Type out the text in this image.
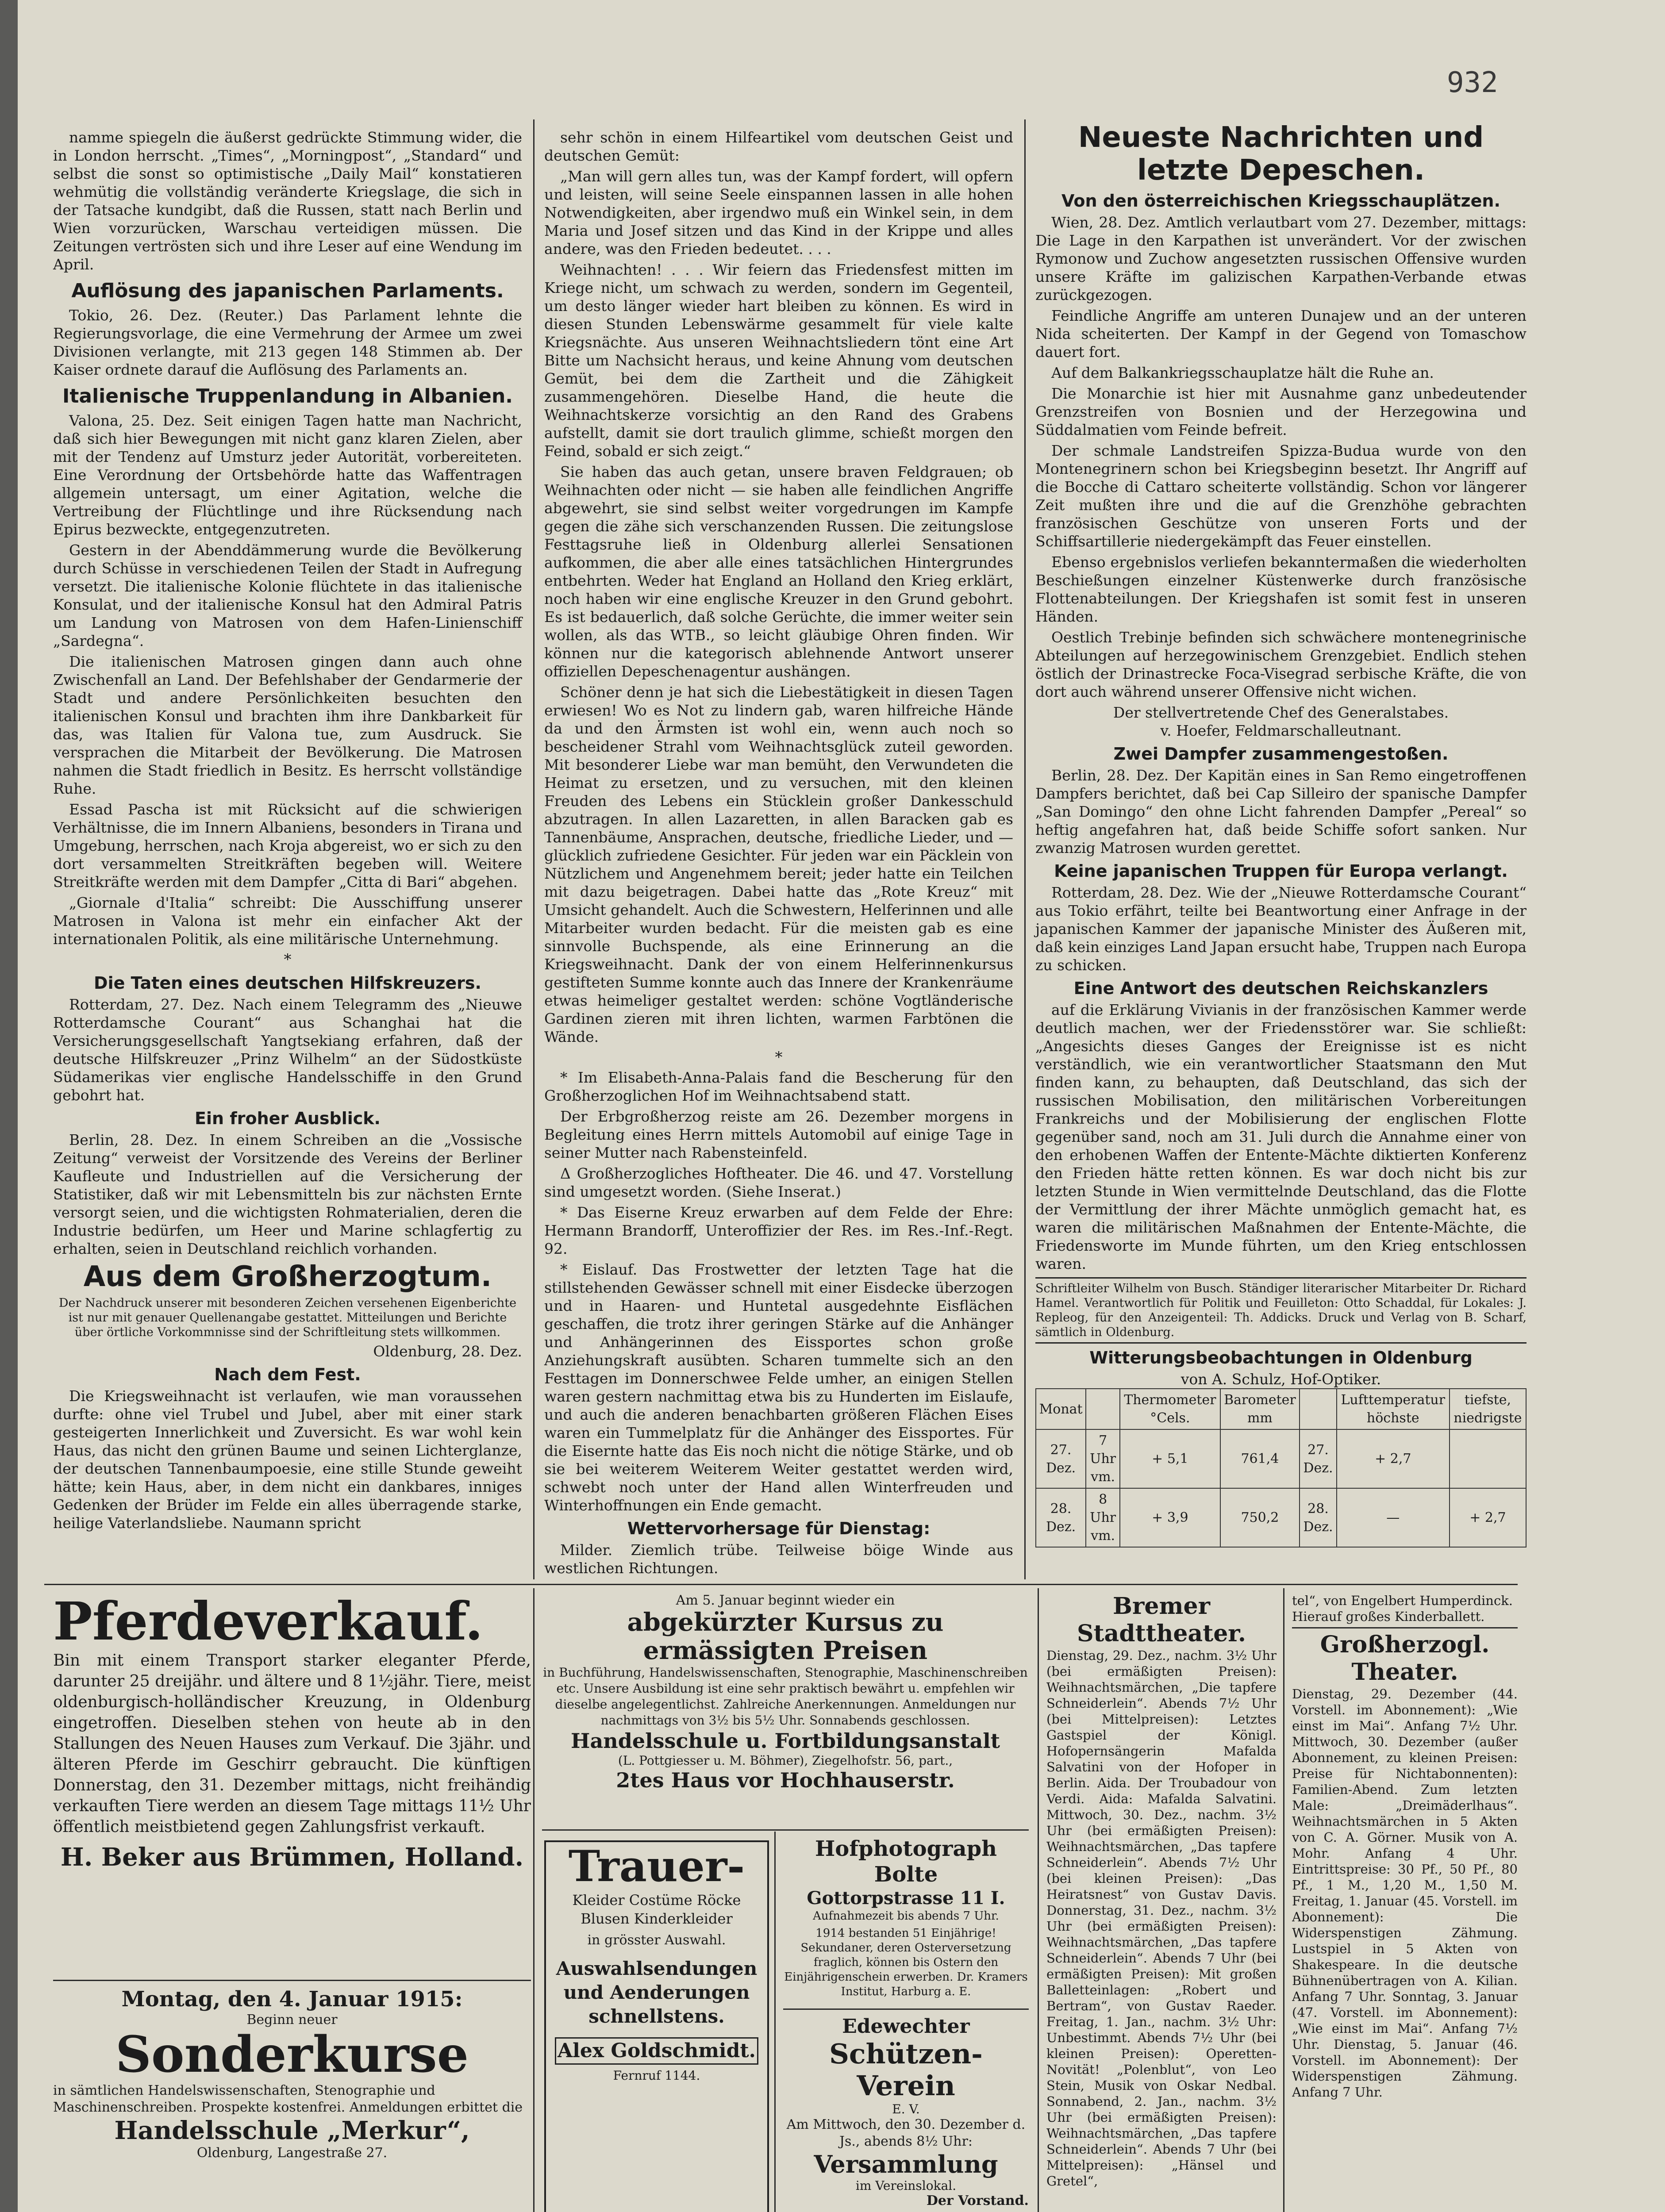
932

namme spiegeln die äußerst gedrückte Stimmung wider, die in London herrscht. „Times“, „Morningpost“, „Standard“ und selbst die sonst so optimistische „Daily Mail“ konstatieren wehmütig die vollständig veränderte Kriegslage, die sich in der Tatsache kundgibt, daß die Russen, statt nach Berlin und Wien vorzurücken, Warschau verteidigen müssen. Die Zeitungen vertrösten sich und ihre Leser auf eine Wendung im April.

Auflösung des japanischen Parlaments.

Tokio, 26. Dez. (Reuter.) Das Parlament lehnte die Regierungsvorlage, die eine Vermehrung der Armee um zwei Divisionen verlangte, mit 213 gegen 148 Stimmen ab. Der Kaiser ordnete darauf die Auflösung des Parlaments an.

Italienische Truppenlandung in Albanien.

Valona, 25. Dez. Seit einigen Tagen hatte man Nachricht, daß sich hier Bewegungen mit nicht ganz klaren Zielen, aber mit der Tendenz auf Umsturz jeder Autorität, vorbereiteten. Eine Verordnung der Ortsbehörde hatte das Waffentragen allgemein untersagt, um einer Agitation, welche die Vertreibung der Flüchtlinge und ihre Rücksendung nach Epirus bezweckte, entgegenzutreten.

Gestern in der Abenddämmerung wurde die Bevölkerung durch Schüsse in verschiedenen Teilen der Stadt in Aufregung versetzt. Die italienische Kolonie flüchtete in das italienische Konsulat, und der italienische Konsul hat den Admiral Patris um Landung von Matrosen von dem Hafen-Linienschiff „Sardegna“.

Die italienischen Matrosen gingen dann auch ohne Zwischenfall an Land. Der Befehlshaber der Gendarmerie der Stadt und andere Persönlichkeiten besuchten den italienischen Konsul und brachten ihm ihre Dankbarkeit für das, was Italien für Valona tue, zum Ausdruck. Sie versprachen die Mitarbeit der Bevölkerung. Die Matrosen nahmen die Stadt friedlich in Besitz. Es herrscht vollständige Ruhe.

Essad Pascha ist mit Rücksicht auf die schwierigen Verhältnisse, die im Innern Albaniens, besonders in Tirana und Umgebung, herrschen, nach Kroja abgereist, wo er sich zu den dort versammelten Streitkräften begeben will. Weitere Streitkräfte werden mit dem Dampfer „Citta di Bari“ abgehen.

„Giornale d'Italia“ schreibt: Die Ausschiffung unserer Matrosen in Valona ist mehr ein einfacher Akt der internationalen Politik, als eine militärische Unternehmung.

*
Die Taten eines deutschen Hilfskreuzers.

Rotterdam, 27. Dez. Nach einem Telegramm des „Nieuwe Rotterdamsche Courant“ aus Schanghai hat die Versicherungsgesellschaft Yangtsekiang erfahren, daß der deutsche Hilfskreuzer „Prinz Wilhelm“ an der Südostküste Südamerikas vier englische Handelsschiffe in den Grund gebohrt hat.

Ein froher Ausblick.

Berlin, 28. Dez. In einem Schreiben an die „Vossische Zeitung“ verweist der Vorsitzende des Vereins der Berliner Kaufleute und Industriellen auf die Versicherung der Statistiker, daß wir mit Lebensmitteln bis zur nächsten Ernte versorgt seien, und die wichtigsten Rohmaterialien, deren die Industrie bedürfen, um Heer und Marine schlagfertig zu erhalten, seien in Deutschland reichlich vorhanden.

Aus dem Großherzogtum.
Der Nachdruck unserer mit besonderen Zeichen versehenen Eigenberichte ist nur mit genauer Quellenangabe gestattet. Mitteilungen und Berichte über örtliche Vorkommnisse sind der Schriftleitung stets willkommen.
Oldenburg, 28. Dez.
Nach dem Fest.

Die Kriegsweihnacht ist verlaufen, wie man voraussehen durfte: ohne viel Trubel und Jubel, aber mit einer stark gesteigerten Innerlichkeit und Zuversicht. Es war wohl kein Haus, das nicht den grünen Baume und seinen Lichterglanze, der deutschen Tannenbaumpoesie, eine stille Stunde geweiht hätte; kein Haus, aber, in dem nicht ein dankbares, inniges Gedenken der Brüder im Felde ein alles überragende starke, heilige Vaterlandsliebe. Naumann spricht

sehr schön in einem Hilfeartikel vom deutschen Geist und deutschen Gemüt:

„Man will gern alles tun, was der Kampf fordert, will opfern und leisten, will seine Seele einspannen lassen in alle hohen Notwendigkeiten, aber irgendwo muß ein Winkel sein, in dem Maria und Josef sitzen und das Kind in der Krippe und alles andere, was den Frieden bedeutet. . . .

Weihnachten! . . . Wir feiern das Friedensfest mitten im Kriege nicht, um schwach zu werden, sondern im Gegenteil, um desto länger wieder hart bleiben zu können. Es wird in diesen Stunden Lebenswärme gesammelt für viele kalte Kriegsnächte. Aus unseren Weihnachtsliedern tönt eine Art Bitte um Nachsicht heraus, und keine Ahnung vom deutschen Gemüt, bei dem die Zartheit und die Zähigkeit zusammengehören. Dieselbe Hand, die heute die Weihnachtskerze vorsichtig an den Rand des Grabens aufstellt, damit sie dort traulich glimme, schießt morgen den Feind, sobald er sich zeigt.“

Sie haben das auch getan, unsere braven Feldgrauen; ob Weihnachten oder nicht — sie haben alle feindlichen Angriffe abgewehrt, sie sind selbst weiter vorgedrungen im Kampfe gegen die zähe sich verschanzenden Russen. Die zeitungslose Festtagsruhe ließ in Oldenburg allerlei Sensationen aufkommen, die aber alle eines tatsächlichen Hintergrundes entbehrten. Weder hat England an Holland den Krieg erklärt, noch haben wir eine englische Kreuzer in den Grund gebohrt. Es ist bedauerlich, daß solche Gerüchte, die immer weiter sein wollen, als das WTB., so leicht gläubige Ohren finden. Wir können nur die kategorisch ablehnende Antwort unserer offiziellen Depeschenagentur aushängen.

Schöner denn je hat sich die Liebestätigkeit in diesen Tagen erwiesen! Wo es Not zu lindern gab, waren hilfreiche Hände da und den Ärmsten ist wohl ein, wenn auch noch so bescheidener Strahl vom Weihnachtsglück zuteil geworden. Mit besonderer Liebe war man bemüht, den Verwundeten die Heimat zu ersetzen, und zu versuchen, mit den kleinen Freuden des Lebens ein Stücklein großer Dankesschuld abzutragen. In allen Lazaretten, in allen Baracken gab es Tannenbäume, Ansprachen, deutsche, friedliche Lieder, und — glücklich zufriedene Gesichter. Für jeden war ein Päcklein von Nützlichem und Angenehmem bereit; jeder hatte ein Teilchen mit dazu beigetragen. Dabei hatte das „Rote Kreuz“ mit Umsicht gehandelt. Auch die Schwestern, Helferinnen und alle Mitarbeiter wurden bedacht. Für die meisten gab es eine sinnvolle Buchspende, als eine Erinnerung an die Kriegsweihnacht. Dank der von einem Helferinnenkursus gestifteten Summe konnte auch das Innere der Krankenräume etwas heimeliger gestaltet werden: schöne Vogtländerische Gardinen zieren mit ihren lichten, warmen Farbtönen die Wände.

*

* Im Elisabeth-Anna-Palais fand die Bescherung für den Großherzoglichen Hof im Weihnachtsabend statt.

Der Erbgroßherzog reiste am 26. Dezember morgens in Begleitung eines Herrn mittels Automobil auf einige Tage in seiner Mutter nach Rabensteinfeld.

Δ Großherzogliches Hoftheater. Die 46. und 47. Vorstellung sind umgesetzt worden. (Siehe Inserat.)

* Das Eiserne Kreuz erwarben auf dem Felde der Ehre: Hermann Brandorff, Unteroffizier der Res. im Res.-Inf.-Regt. 92.

* Eislauf. Das Frostwetter der letzten Tage hat die stillstehenden Gewässer schnell mit einer Eisdecke überzogen und in Haaren- und Huntetal ausgedehnte Eisflächen geschaffen, die trotz ihrer geringen Stärke auf die Anhänger und Anhängerinnen des Eissportes schon große Anziehungskraft ausübten. Scharen tummelte sich an den Festtagen im Donnerschwee Felde umher, an einigen Stellen waren gestern nachmittag etwa bis zu Hunderten im Eislaufe, und auch die anderen benachbarten größeren Flächen Eises waren ein Tummelplatz für die Anhänger des Eissportes. Für die Eisernte hatte das Eis noch nicht die nötige Stärke, und ob sie bei weiterem Weiterem Weiter gestattet werden wird, schwebt noch unter der Hand allen Winterfreuden und Winterhoffnungen ein Ende gemacht.

Wettervorhersage für Dienstag:

Milder. Ziemlich trübe. Teilweise böige Winde aus westlichen Richtungen.

Neueste Nachrichten und letzte Depeschen.
Von den österreichischen Kriegsschauplätzen.

Wien, 28. Dez. Amtlich verlautbart vom 27. Dezember, mittags: Die Lage in den Karpathen ist unverändert. Vor der zwischen Rymonow und Zuchow angesetzten russischen Offensive wurden unsere Kräfte im galizischen Karpathen-Verbande etwas zurückgezogen.

Feindliche Angriffe am unteren Dunajew und an der unteren Nida scheiterten. Der Kampf in der Gegend von Tomaschow dauert fort.

Auf dem Balkankriegsschauplatze hält die Ruhe an.

Die Monarchie ist hier mit Ausnahme ganz unbedeutender Grenzstreifen von Bosnien und der Herzegowina und Süddalmatien vom Feinde befreit.

Der schmale Landstreifen Spizza-Budua wurde von den Montenegrinern schon bei Kriegsbeginn besetzt. Ihr Angriff auf die Bocche di Cattaro scheiterte vollständig. Schon vor längerer Zeit mußten ihre und die auf die Grenzhöhe gebrachten französischen Geschütze von unseren Forts und der Schiffsartillerie niedergekämpft das Feuer einstellen.

Ebenso ergebnislos verliefen bekanntermaßen die wiederholten Beschießungen einzelner Küstenwerke durch französische Flottenabteilungen. Der Kriegshafen ist somit fest in unseren Händen.

Oestlich Trebinje befinden sich schwächere montenegrinische Abteilungen auf herzegowinischem Grenzgebiet. Endlich stehen östlich der Drinastrecke Foca-Visegrad serbische Kräfte, die von dort auch während unserer Offensive nicht wichen.

Der stellvertretende Chef des Generalstabes.
v. Hoefer, Feldmarschalleutnant.
Zwei Dampfer zusammengestoßen.

Berlin, 28. Dez. Der Kapitän eines in San Remo eingetroffenen Dampfers berichtet, daß bei Cap Silleiro der spanische Dampfer „San Domingo“ den ohne Licht fahrenden Dampfer „Pereal“ so heftig angefahren hat, daß beide Schiffe sofort sanken. Nur zwanzig Matrosen wurden gerettet.

Keine japanischen Truppen für Europa verlangt.

Rotterdam, 28. Dez. Wie der „Nieuwe Rotterdamsche Courant“ aus Tokio erfährt, teilte bei Beantwortung einer Anfrage in der japanischen Kammer der japanische Minister des Äußeren mit, daß kein einziges Land Japan ersucht habe, Truppen nach Europa zu schicken.

Eine Antwort des deutschen Reichskanzlers

auf die Erklärung Vivianis in der französischen Kammer werde deutlich machen, wer der Friedensstörer war. Sie schließt: „Angesichts dieses Ganges der Ereignisse ist es nicht verständlich, wie ein verantwortlicher Staatsmann den Mut finden kann, zu behaupten, daß Deutschland, das sich der russischen Mobilisation, den militärischen Vorbereitungen Frankreichs und der Mobilisierung der englischen Flotte gegenüber sand, noch am 31. Juli durch die Annahme einer von den erhobenen Waffen der Entente-Mächte diktierten Konferenz den Frieden hätte retten können. Es war doch nicht bis zur letzten Stunde in Wien vermittelnde Deutschland, das die Flotte der Vermittlung der ihrer Mächte unmöglich gemacht hat, es waren die militärischen Maßnahmen der Entente-Mächte, die Friedensworte im Munde führten, um den Krieg entschlossen waren.

Schriftleiter Wilhelm von Busch. Ständiger literarischer Mitarbeiter Dr. Richard Hamel. Verantwortlich für Politik und Feuilleton: Otto Schaddal, für Lokales: J. Repleog, für den Anzeigenteil: Th. Addicks. Druck und Verlag von B. Scharf, sämtlich in Oldenburg.
Witterungsbeobachtungen in Oldenburg
von A. Schulz, Hof-Optiker.
Monat		Thermometer °Cels.	Barometer mm		Lufttemperatur höchste	tiefste, niedrigste
27. Dez.	7 Uhr vm.	+ 5,1	761,4	27. Dez.	+ 2,7	
28. Dez.	8 Uhr vm.	+ 3,9	750,2	28. Dez.	—	+ 2,7
Pferdeverkauf.
Bin mit einem Transport starker eleganter Pferde, darunter 25 dreijähr. und ältere und 8 1½jähr. Tiere, meist oldenburgisch-holländischer Kreuzung, in Oldenburg eingetroffen. Dieselben stehen von heute ab in den Stallungen des Neuen Hauses zum Verkauf. Die 3jähr. und älteren Pferde im Geschirr gebraucht. Die künftigen Donnerstag, den 31. Dezember mittags, nicht freihändig verkauften Tiere werden an diesem Tage mittags 11½ Uhr öffentlich meistbietend gegen Zahlungsfrist verkauft.
H. Beker aus Brümmen, Holland.
Montag, den 4. Januar 1915:
Beginn neuer
Sonderkurse
in sämtlichen Handelswissenschaften, Stenographie und Maschinenschreiben. Prospekte kostenfrei. Anmeldungen erbittet die
Handelsschule „Merkur“,
Oldenburg, Langestraße 27.
Am 5. Januar beginnt wieder ein
abgekürzter Kursus zu ermässigten Preisen
in Buchführung, Handelswissenschaften, Stenographie, Maschinenschreiben etc. Unsere Ausbildung ist eine sehr praktisch bewährt u. empfehlen wir dieselbe angelegentlichst. Zahlreiche Anerkennungen. Anmeldungen nur nachmittags von 3½ bis 5½ Uhr. Sonnabends geschlossen.
Handelsschule u. Fortbildungsanstalt
(L. Pottgiesser u. M. Böhmer), Ziegelhofstr. 56, part.,
2tes Haus vor Hochhauserstr.
Trauer-
Kleider Costüme Röcke Blusen Kinderkleider
in grösster Auswahl.
Auswahlsendungen und Aenderungen schnellstens.
Alex Goldschmidt.
Fernruf 1144.
Hofphotograph Bolte
Gottorpstrasse 11 I.
Aufnahmezeit bis abends 7 Uhr.
1914 bestanden 51 Einjährige! Sekundaner, deren Osterversetzung fraglich, können bis Ostern den Einjährigenschein erwerben. Dr. Kramers Institut, Harburg a. E.
Edewechter
Schützen-Verein
E. V.
Am Mittwoch, den 30. Dezember d. Js., abends 8½ Uhr:
Versammlung
im Vereinslokal.
Der Vorstand.
Bremer Stadttheater.
Dienstag, 29. Dez., nachm. 3½ Uhr (bei ermäßigten Preisen): Weihnachtsmärchen, „Die tapfere Schneiderlein“. Abends 7½ Uhr (bei Mittelpreisen): Letztes Gastspiel der Königl. Hofopernsängerin Mafalda Salvatini von der Hofoper in Berlin. Aida. Der Troubadour von Verdi. Aida: Mafalda Salvatini. Mittwoch, 30. Dez., nachm. 3½ Uhr (bei ermäßigten Preisen): Weihnachtsmärchen, „Das tapfere Schneiderlein“. Abends 7½ Uhr (bei kleinen Preisen): „Das Heiratsnest“ von Gustav Davis. Donnerstag, 31. Dez., nachm. 3½ Uhr (bei ermäßigten Preisen): Weihnachtsmärchen, „Das tapfere Schneiderlein“. Abends 7 Uhr (bei ermäßigten Preisen): Mit großen Balletteinlagen: „Robert und Bertram“, von Gustav Raeder. Freitag, 1. Jan., nachm. 3½ Uhr: Unbestimmt. Abends 7½ Uhr (bei kleinen Preisen): Operetten-Novität! „Polenblut“, von Leo Stein, Musik von Oskar Nedbal. Sonnabend, 2. Jan., nachm. 3½ Uhr (bei ermäßigten Preisen): Weihnachtsmärchen, „Das tapfere Schneiderlein“. Abends 7 Uhr (bei Mittelpreisen): „Hänsel und Gretel“,
tel“, von Engelbert Humperdinck. Hierauf großes Kinderballett.
Großherzogl. Theater.
Dienstag, 29. Dezember (44. Vorstell. im Abonnement): „Wie einst im Mai“. Anfang 7½ Uhr. Mittwoch, 30. Dezember (außer Abonnement, zu kleinen Preisen: Preise für Nichtabonnenten): Familien-Abend. Zum letzten Male: „Dreimäderlhaus“. Weihnachtsmärchen in 5 Akten von C. A. Görner. Musik von A. Mohr. Anfang 4 Uhr. Eintrittspreise: 30 Pf., 50 Pf., 80 Pf., 1 M., 1,20 M., 1,50 M. Freitag, 1. Januar (45. Vorstell. im Abonnement): Die Widerspenstigen Zähmung. Lustspiel in 5 Akten von Shakespeare. In die deutsche Bühnenübertragen von A. Kilian. Anfang 7 Uhr. Sonntag, 3. Januar (47. Vorstell. im Abonnement): „Wie einst im Mai“. Anfang 7½ Uhr. Dienstag, 5. Januar (46. Vorstell. im Abonnement): Der Widerspenstigen Zähmung. Anfang 7 Uhr.
